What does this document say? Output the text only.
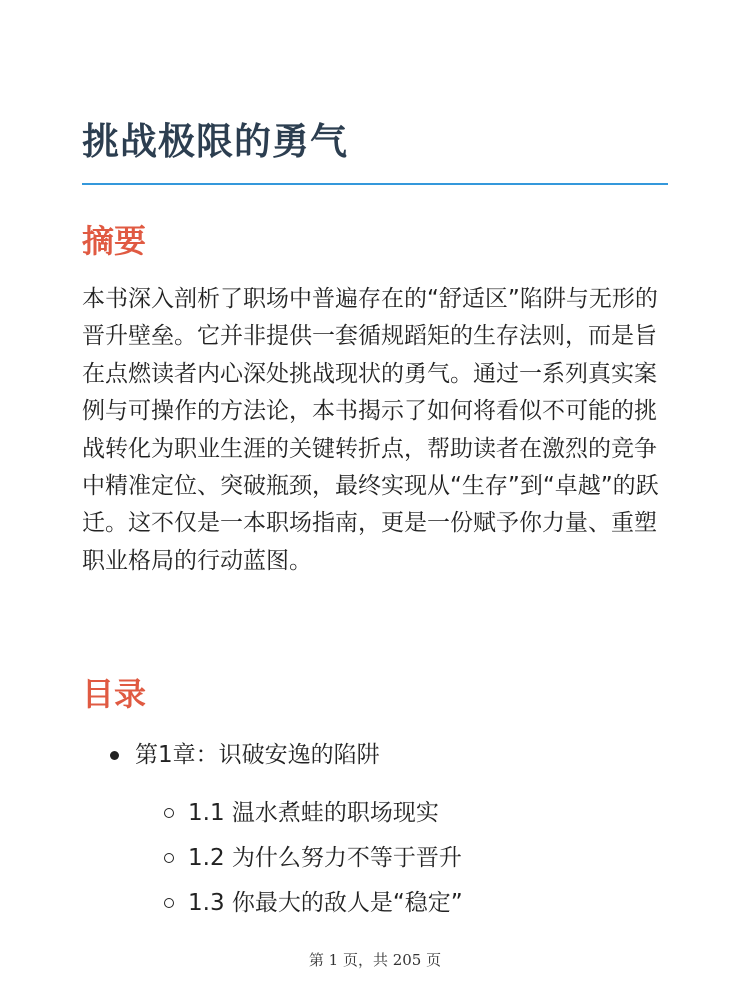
挑战极限的勇气
摘要

本书深入剖析了职场中普遍存在的“舒适区”陷阱与无形的晋升壁垒。它并非提供一套循规蹈矩的生存法则，而是旨在点燃读者内心深处挑战现状的勇气。通过一系列真实案例与可操作的方法论，本书揭示了如何将看似不可能的挑战转化为职业生涯的关键转折点，帮助读者在激烈的竞争中精准定位、突破瓶颈，最终实现从“生存”到“卓越”的跃迁。这不仅是一本职场指南，更是一份赋予你力量、重塑职业格局的行动蓝图。

目录
第1章：识破安逸的陷阱
1.1 温水煮蛙的职场现实
1.2 为什么努力不等于晋升
1.3 你最大的敌人是“稳定”
第 1 页，共 205 页
